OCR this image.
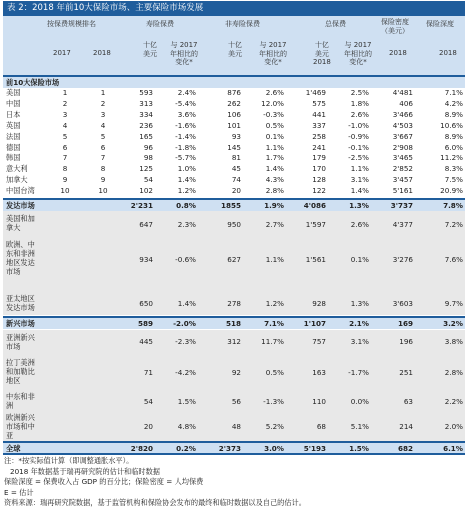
表 2：2018 年前10大保险市场、主要保险市场发展
按保费规模排名
2017	2018
寿险保费
十亿
美元
与 2017
年相比的
变化*
非寿险保费
十亿
美元
与 2017
年相比的
变化*
总保费
十亿
美元
2018
与 2017
年相比的
变化*
保险密度
（美元）
2018
保险深度
2018
前10大保险市场
美国	1	1	593	2.4%	876	2.6%	1'469	2.5%	4'481	7.1%
中国	2	2	313	-5.4%	262	12.0%	575	1.8%	406	4.2%
日本	3	3	334	3.6%	106	-0.3%	441	2.6%	3'466	8.9%
英国	4	4	236	-1.6%	101	0.5%	337	-1.0%	4'503	10.6%
法国	5	5	165	-1.4%	93	0.1%	258	-0.9%	3'667	8.9%
德国	6	6	96	-1.8%	145	1.1%	241	-0.1%	2'908	6.0%
韩国	7	7	98	-5.7%	81	1.7%	179	-2.5%	3'465	11.2%
意大利	8	8	125	1.0%	45	1.4%	170	1.1%	2'852	8.3%
加拿大	9	9	54	1.4%	74	4.3%	128	3.1%	3'457	7.5%
中国台湾	10	10	102	1.2%	20	2.8%	122	1.4%	5'161	20.9%
发达市场	2'231	0.8%	1855	1.9%	4'086	1.3%	3'737	7.8%
美国和加
拿大	647	2.3%	950	2.7%	1'597	2.6%	4'377	7.2%
欧洲、中
东和非洲
地区发达
市场
934	-0.6%	627	1.1%	1'561	0.1%	3'276	7.6%
亚太地区
发达市场	650	1.4%	278	1.2%	928	1.3%	3'603	9.7%
新兴市场	589	-2.0%	518	7.1%	1'107	2.1%	169	3.2%
亚洲新兴
市场
445	-2.3%	312	11.7%	757	3.1%	196	3.8%
拉丁美洲
和加勒比
地区
71	-4.2%	92	0.5%	163	-1.7%	251	2.8%
中东和非
洲	54	1.5%	56	-1.3%	110	0.0%	63	2.2%
欧洲新兴
市场和中
亚
20	4.8%	48	5.2%	68	5.1%	214	2.0%
全球	2'820	0.2%	2'373	3.0%	5'193	1.5%	682	6.1%
注：*按实际值计算（即调整通胀水平）。
2018 年数据基于瑞再研究院的估计和临时数据
保险深度 = 保费收入占 GDP 的百分比；保险密度 = 人均保费
E = 估计
资料来源：瑞再研究院数据，基于监管机构和保险协会发布的最终和临时数据以及自己的估计。
